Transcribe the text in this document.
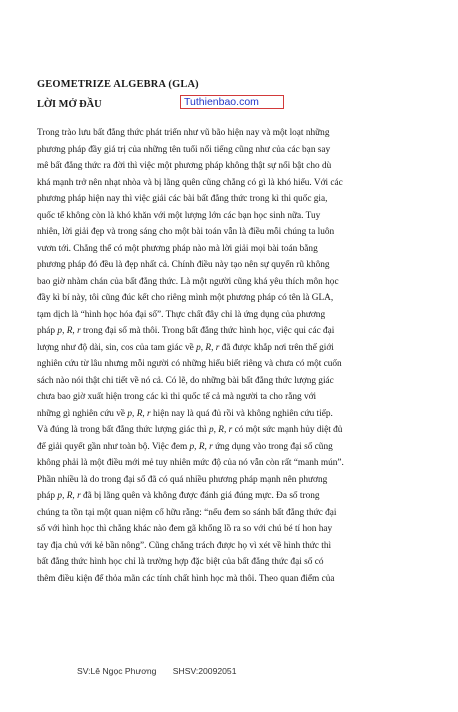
GEOMETRIZE ALGEBRA (GLA)
LỜI MỞ ĐẦU	Tuthienbao.com
Trong trào lưu bất đẳng thức phát triển như vũ bão hiện nay và một loạt những
phương pháp đầy giá trị của những tên tuổi nổi tiếng cũng như của các bạn say
mê bất đẳng thức ra đời thì việc một phương pháp không thật sự nổi bật cho dù
khá mạnh trở nên nhạt nhòa và bị lãng quên cũng chẳng có gì là khó hiểu. Với các
phương pháp hiện nay thì việc giải các bài bất đẳng thức trong kì thi quốc gia,
quốc tế không còn là khó khăn với một lượng lớn các bạn học sinh nữa. Tuy
nhiên, lời giải đẹp và trong sáng cho một bài toán vẫn là điều mỗi chúng ta luôn
vươn tới. Chẳng thể có một phương pháp nào mà lời giải mọi bài toán bằng
phương pháp đó đều là đẹp nhất cả. Chính điều này tạo nên sự quyến rũ không
bao giờ nhàm chán của bất đẳng thức. Là một người cũng khá yêu thích môn học
đầy kì bí này, tôi cũng đúc kết cho riêng mình một phương pháp có tên là GLA,
tạm dịch là “hình học hóa đại số”. Thực chất đây chỉ là ứng dụng của phương
pháp p, R, r trong đại số mà thôi. Trong bất đẳng thức hình học, việc qui các đại
lượng như độ dài, sin, cos của tam giác về p, R, r đã được khắp nơi trên thế giới
nghiên cứu từ lâu nhưng mỗi người có những hiểu biết riêng và chưa có một cuốn
sách nào nói thật chi tiết về nó cả. Có lẽ, do những bài bất đẳng thức lượng giác
chưa bao giờ xuất hiện trong các kì thi quốc tế cả mà người ta cho rằng với
những gì nghiên cứu về p, R, r hiện nay là quá đủ rồi và không nghiên cứu tiếp.
Và đúng là trong bất đẳng thức lượng giác thì p, R, r có một sức mạnh hủy diệt đủ
để giải quyết gần như toàn bộ. Việc đem p, R, r ứng dụng vào trong đại số cũng
không phải là một điều mới mẻ tuy nhiên mức độ của nó vẫn còn rất “manh mún”.
Phần nhiều là do trong đại số đã có quá nhiều phương pháp mạnh nên phương
pháp p, R, r đã bị lãng quên và không được đánh giá đúng mực. Đa số trong
chúng ta tồn tại một quan niệm cố hữu rằng: “nếu đem so sánh bất đẳng thức đại
số với hình học thì chẳng khác nào đem gã khổng lồ ra so với chú bé tí hon hay
tay địa chủ với kẻ bần nông”. Cũng chẳng trách được họ vì xét về hình thức thì
bất đẳng thức hình học chỉ là trường hợp đặc biệt của bất đẳng thức đại số có
thêm điều kiện để thỏa mãn các tính chất hình học mà thôi. Theo quan điểm của
SV:Lê Ngọc Phương SHSV:20092051
